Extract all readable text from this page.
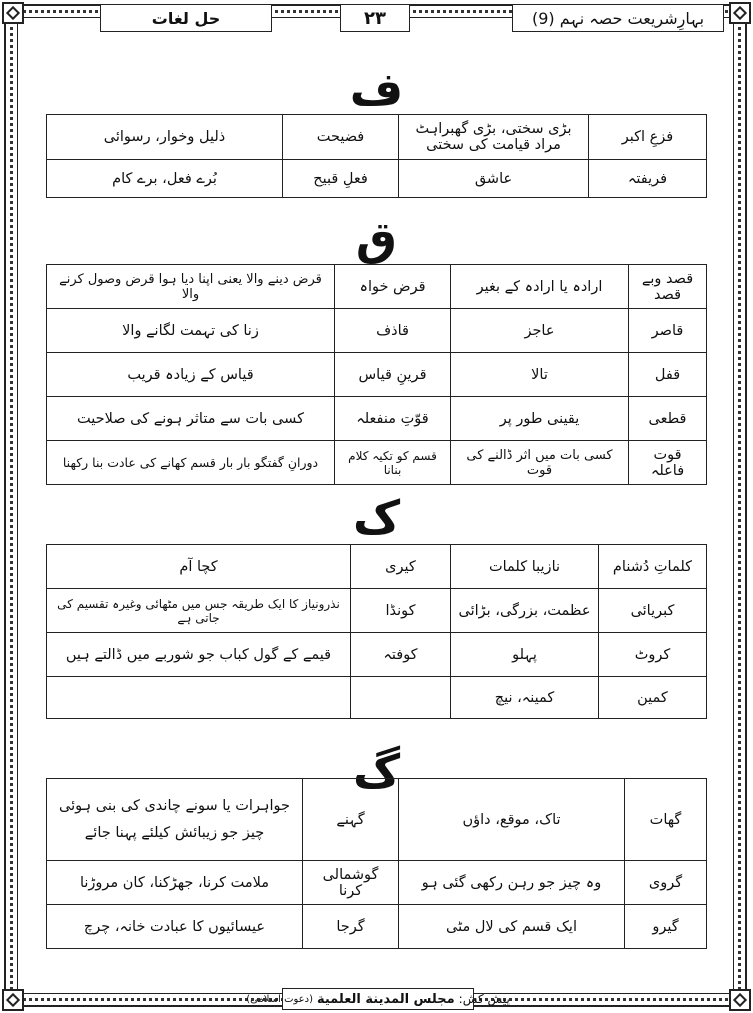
بہارِشریعت حصہ نہم (9)
۲۳
حل لغات
ف
ق
ک
گ
فزعِ اکبر	بڑی سختی، بڑی گھبراہٹ مراد قیامت کی سختی	فضیحت	ذلیل وخوار، رسوائی
فریفتہ	عاشق	فعلِ قبیح	بُرے فعل، برے کام
قصد وبے قصد	ارادہ یا ارادہ کے بغیر	قرض خواہ	قرض دینے والا یعنی اپنا دیا ہوا قرض وصول کرنے والا
قاصر	عاجز	قاذف	زنا کی تہمت لگانے والا
قفل	تالا	قرینِ قیاس	قیاس کے زیادہ قریب
قطعی	یقینی طور پر	قوّتِ منفعلہ	کسی بات سے متاثر ہونے کی صلاحیت
قوت فاعلہ	کسی بات میں اثر ڈالنے کی قوت	قسم کو تکیہ کلام بنانا	دورانِ گفتگو بار بار قسم کھانے کی عادت بنا رکھنا
کلماتِ دُشنام	نازیبا کلمات	کیری	کچا آم
کبریائی	عظمت، بزرگی، بڑائی	کونڈا	نذرونیاز کا ایک طریقہ جس میں مٹھائی وغیرہ تقسیم کی جاتی ہے
کروٹ	پہلو	کوفتہ	قیمے کے گول کباب جو شوربے میں ڈالتے ہیں
کمین	کمینہ، نیچ		
گھات	تاک، موقع، داؤں	گہنے	جواہرات یا سونے چاندی کی بنی ہوئی چیز جو زیبائش کیلئے پہنا جائے
گروی	وہ چیز جو رہن رکھی گئی ہو	گوشمالی کرنا	ملامت کرنا، جھڑکنا، کان مروڑنا
گیرو	ایک قسم کی لال مٹی	گرجا	عیسائیوں کا عبادت خانہ، چرچ
پیش کش:
مجلس المدينة العلمية
(دعوت اسلامی)
